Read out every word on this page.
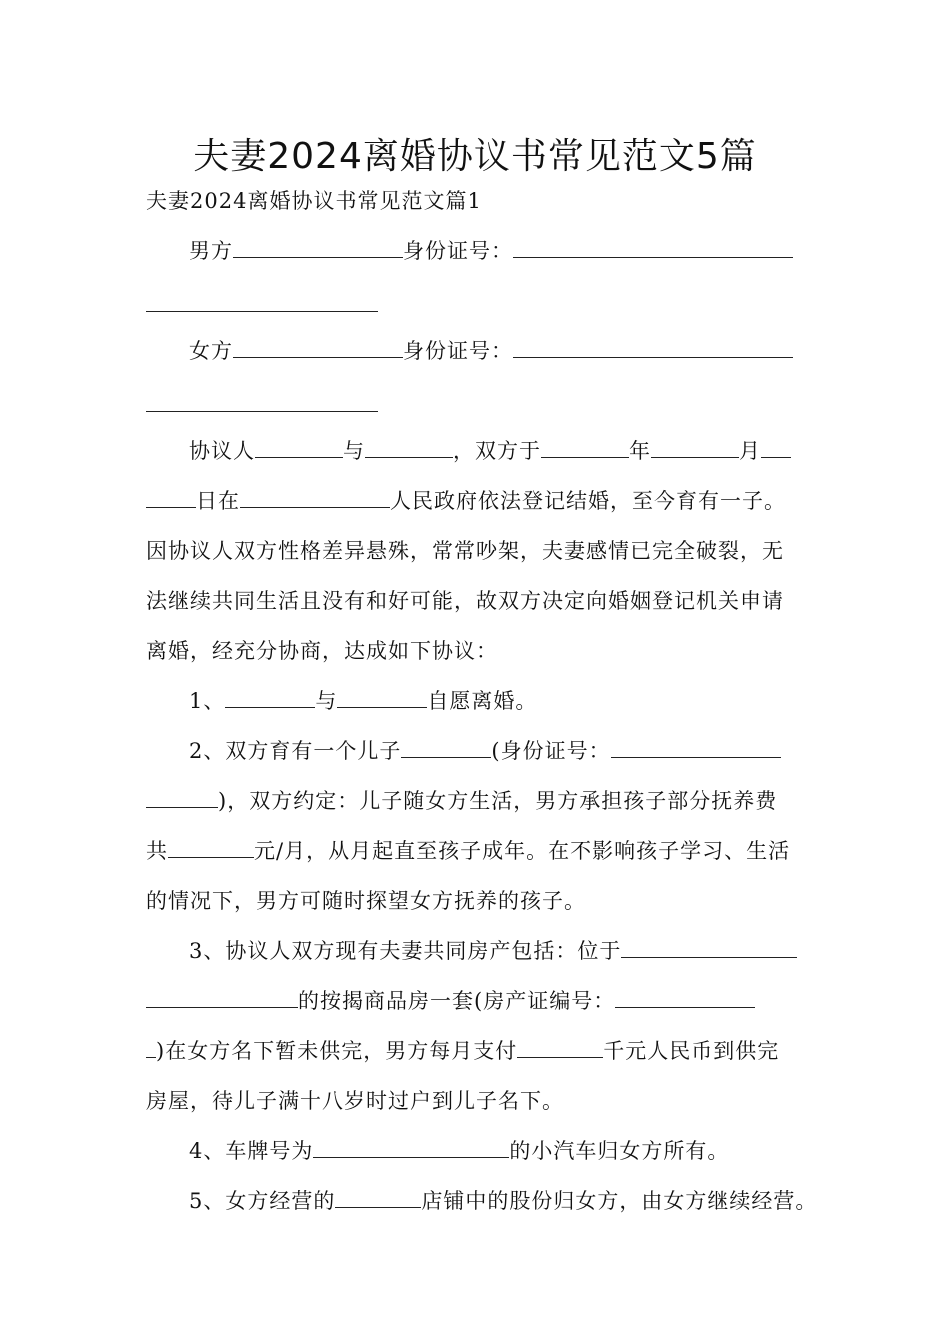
夫妻2024离婚协议书常见范文5篇
夫妻2024离婚协议书常见范文篇1
男方	身份证号：
女方	身份证号：
协议人	与	，双方于	年	月
日在	人民政府依法登记结婚，至今育有一子。
因协议人双方性格差异悬殊，常常吵架，夫妻感情已完全破裂，无
法继续共同生活且没有和好可能，故双方决定向婚姻登记机关申请
离婚，经充分协商，达成如下协议：
1、	与	自愿离婚。
2、双方育有一个儿子	(身份证号：
)，双方约定：儿子随女方生活，男方承担孩子部分抚养费
共	元/月，从月起直至孩子成年。在不影响孩子学习、生活
的情况下，男方可随时探望女方抚养的孩子。
3、协议人双方现有夫妻共同房产包括：位于
的按揭商品房一套(房产证编号：
)在女方名下暂未供完，男方每月支付	千元人民币到供完
房屋，待儿子满十八岁时过户到儿子名下。
4、车牌号为	的小汽车归女方所有。
5、女方经营的	店铺中的股份归女方，由女方继续经营。
